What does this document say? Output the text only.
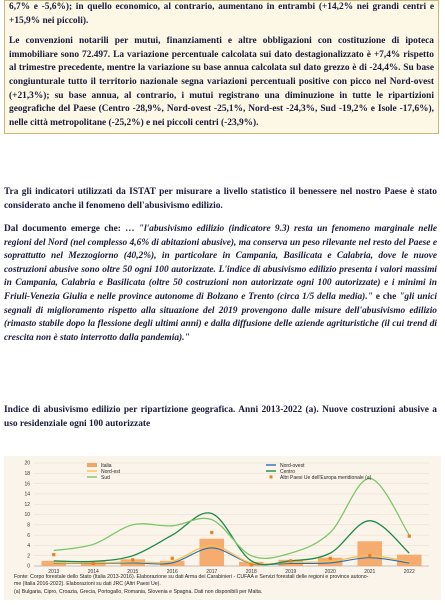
6,7% e -5,6%); in quello economico, al contrario, aumentano in entrambi (+14,2% nei grandi centri e +15,9% nei piccoli).

Le convenzioni notarili per mutui, finanziamenti e altre obbligazioni con costituzione di ipoteca immobiliare sono 72.497. La variazione percentuale calcolata sui dato destagionalizzato è +7,4% rispetto al trimestre precedente, mentre la variazione su base annua calcolata sul dato grezzo è di -24,4%. Su base congiunturale tutto il territorio nazionale segna variazioni percentuali positive con picco nel Nord-ovest (+21,3%); su base annua, al contrario, i mutui registrano una diminuzione in tutte le ripartizioni geografiche del Paese (Centro -28,9%, Nord-ovest -25,1%, Nord-est -24,3%, Sud -19,2% e Isole -17,6%), nelle città metropolitane (-25,2%) e nei piccoli centri (-23,9%).

Tra gli indicatori utilizzati da ISTAT per misurare a livello statistico il benessere nel nostro Paese è stato considerato anche il fenomeno dell'abusivismo edilizio.

Dal documento emerge che: … "l'abusivismo edilizio (indicatore 9.3) resta un fenomeno marginale nelle regioni del Nord (nel complesso 4,6% di abitazioni abusive), ma conserva un peso rilevante nel resto del Paese e soprattutto nel Mezzogiorno (40,2%), in particolare in Campania, Basilicata e Calabria, dove le nuove costruzioni abusive sono oltre 50 ogni 100 autorizzate. L'indice di abusivismo edilizio presenta i valori massimi in Campania, Calabria e Basilicata (oltre 50 costruzioni non autorizzate ogni 100 autorizzate) e i minimi in Friuli-Venezia Giulia e nelle province autonome di Bolzano e Trento (circa 1/5 della media)." e che "gli unici segnali di miglioramento rispetto alla situazione del 2019 provengono dalle misure dell'abusivismo edilizio (rimasto stabile dopo la flessione degli ultimi anni) e dalla diffusione delle aziende agrituristiche (il cui trend di crescita non è stato interrotto dalla pandemia)."

Indice di abusivismo edilizio per ripartizione geografica. Anni 2013-2022 (a). Nuove costruzioni abusive a uso residenziale ogni 100 autorizzate

0
2
4
6
8
10
12
14
16
18
20
2013	2014	2015	2016	2017	2018	2019	2020	2021	2022
Italia	Nord-ovest
Nord-est	Centro
Sud	Altri Paesi Ue dell'Europa meridionale (a)
Fonte: Corpo forestale dello Stato (Italia 2013-2016). Elaborazione su dati Arma dei Carabinieri - CUFAA e Servizi forestali delle regioni e province autono-
me (Italia 2016-2022). Elaborazioni su dati JRC (Altri Paesi Ue).
(a) Bulgaria, Cipro, Croazia, Grecia, Portogallo, Romania, Slovenia e Spagna. Dati non disponibili per Malta.
